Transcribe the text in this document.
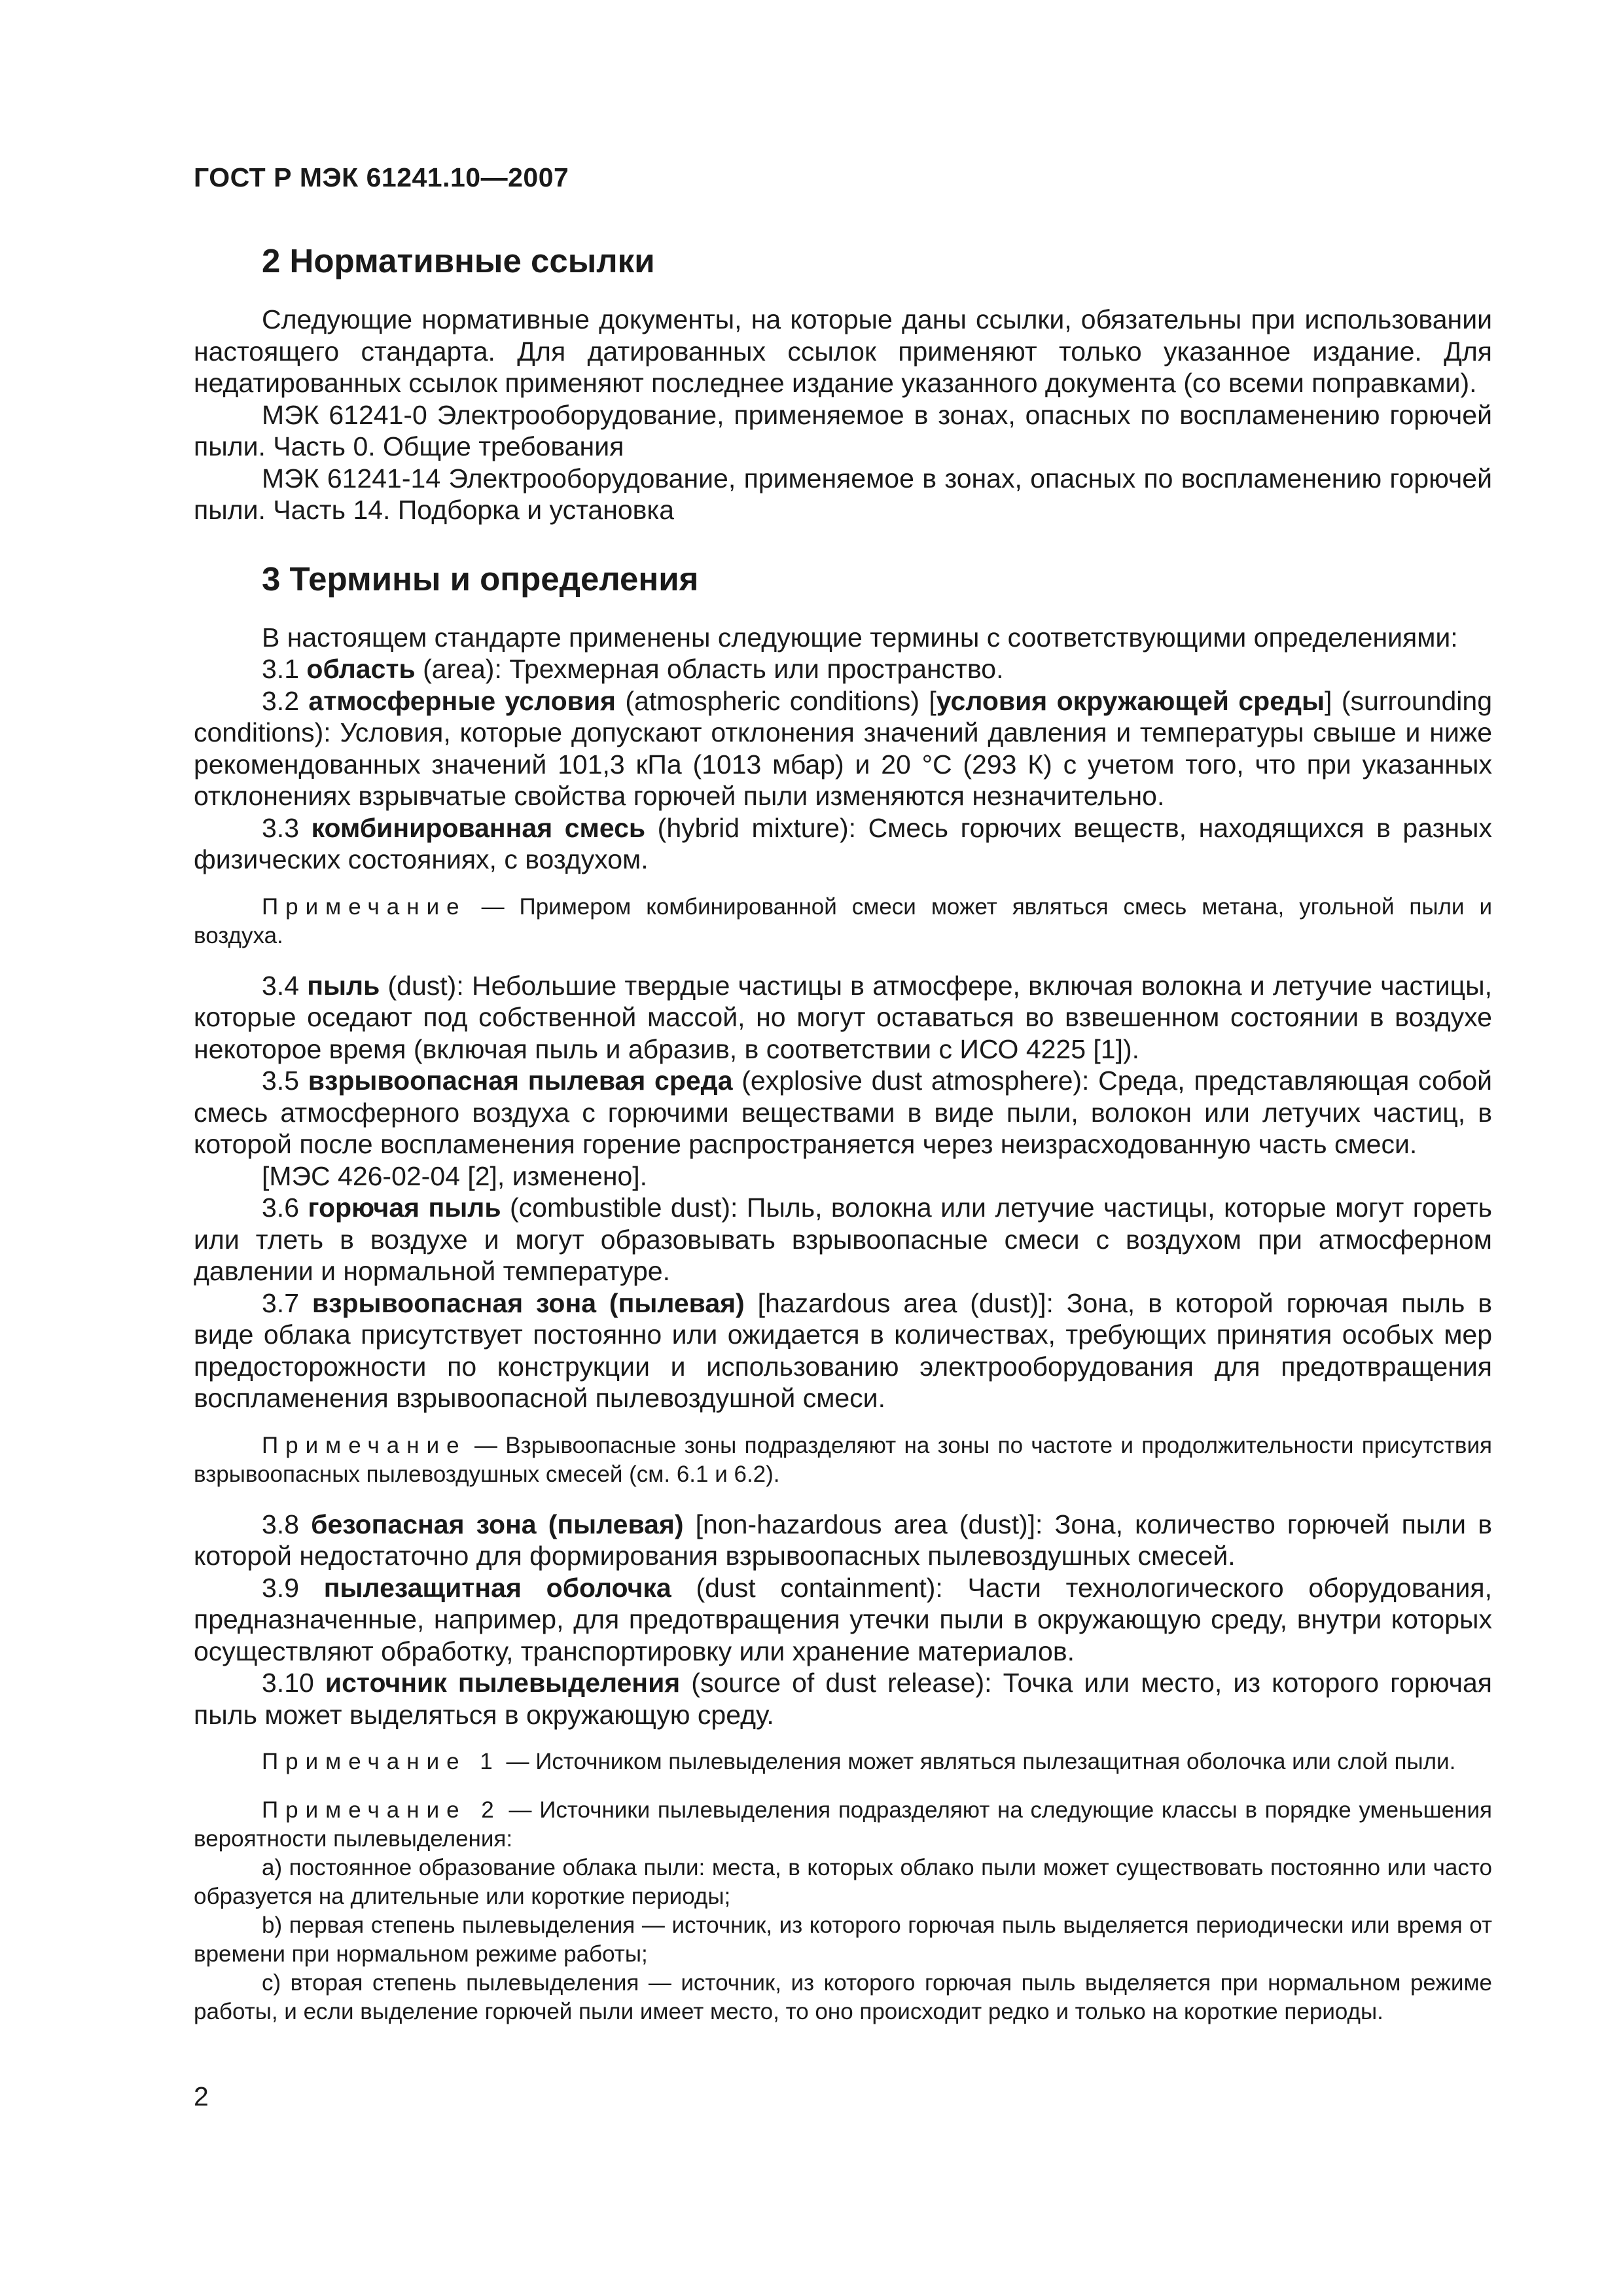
ГОСТ Р МЭК 61241.10—2007
2 Нормативные ссылки

Следующие нормативные документы, на которые даны ссылки, обязательны при использовании настоящего стандарта. Для датированных ссылок применяют только указанное издание. Для недатированных ссылок применяют последнее издание указанного документа (со всеми поправками).

МЭК 61241-0 Электрооборудование, применяемое в зонах, опасных по воспламенению горючей пыли. Часть 0. Общие требования

МЭК 61241-14 Электрооборудование, применяемое в зонах, опасных по воспламенению горючей пыли. Часть 14. Подборка и установка

3 Термины и определения

В настоящем стандарте применены следующие термины с соответствующими определениями:

3.1 область (area): Трехмерная область или пространство.

3.2 атмосферные условия (atmospheric conditions) [условия окружающей среды] (surrounding conditions): Условия, которые допускают отклонения значений давления и температуры свыше и ниже рекомендованных значений 101,3 кПа (1013 мбар) и 20 °C (293 К) с учетом того, что при указанных отклонениях взрывчатые свойства горючей пыли изменяются незначительно.

3.3 комбинированная смесь (hybrid mixture): Смесь горючих веществ, находящихся в разных физических состояниях, с воздухом.

Примечание — Примером комбинированной смеси может являться смесь метана, угольной пыли и воздуха.

3.4 пыль (dust): Небольшие твердые частицы в атмосфере, включая волокна и летучие частицы, которые оседают под собственной массой, но могут оставаться во взвешенном состоянии в воздухе некоторое время (включая пыль и абразив, в соответствии с ИСО 4225 [1]).

3.5 взрывоопасная пылевая среда (explosive dust atmosphere): Среда, представляющая собой смесь атмосферного воздуха с горючими веществами в виде пыли, волокон или летучих частиц, в которой после воспламенения горение распространяется через неизрасходованную часть смеси.

[МЭС 426-02-04 [2], изменено].

3.6 горючая пыль (combustible dust): Пыль, волокна или летучие частицы, которые могут гореть или тлеть в воздухе и могут образовывать взрывоопасные смеси с воздухом при атмосферном давлении и нормальной температуре.

3.7 взрывоопасная зона (пылевая) [hazardous area (dust)]: Зона, в которой горючая пыль в виде облака присутствует постоянно или ожидается в количествах, требующих принятия особых мер предосторожности по конструкции и использованию электрооборудования для предотвращения воспламенения взрывоопасной пылевоздушной смеси.

Примечание — Взрывоопасные зоны подразделяют на зоны по частоте и продолжительности присутствия взрывоопасных пылевоздушных смесей (см. 6.1 и 6.2).

3.8 безопасная зона (пылевая) [non-hazardous area (dust)]: Зона, количество горючей пыли в которой недостаточно для формирования взрывоопасных пылевоздушных смесей.

3.9 пылезащитная оболочка (dust containment): Части технологического оборудования, предназначенные, например, для предотвращения утечки пыли в окружающую среду, внутри которых осуществляют обработку, транспортировку или хранение материалов.

3.10 источник пылевыделения (source of dust release): Точка или место, из которого горючая пыль может выделяться в окружающую среду.

Примечание 1 — Источником пылевыделения может являться пылезащитная оболочка или слой пыли.

Примечание 2 — Источники пылевыделения подразделяют на следующие классы в порядке уменьшения вероятности пылевыделения:

a) постоянное образование облака пыли: места, в которых облако пыли может существовать постоянно или часто образуется на длительные или короткие периоды;

b) первая степень пылевыделения — источник, из которого горючая пыль выделяется периодически или время от времени при нормальном режиме работы;

c) вторая степень пылевыделения — источник, из которого горючая пыль выделяется при нормальном режиме работы, и если выделение горючей пыли имеет место, то оно происходит редко и только на короткие периоды.

2
